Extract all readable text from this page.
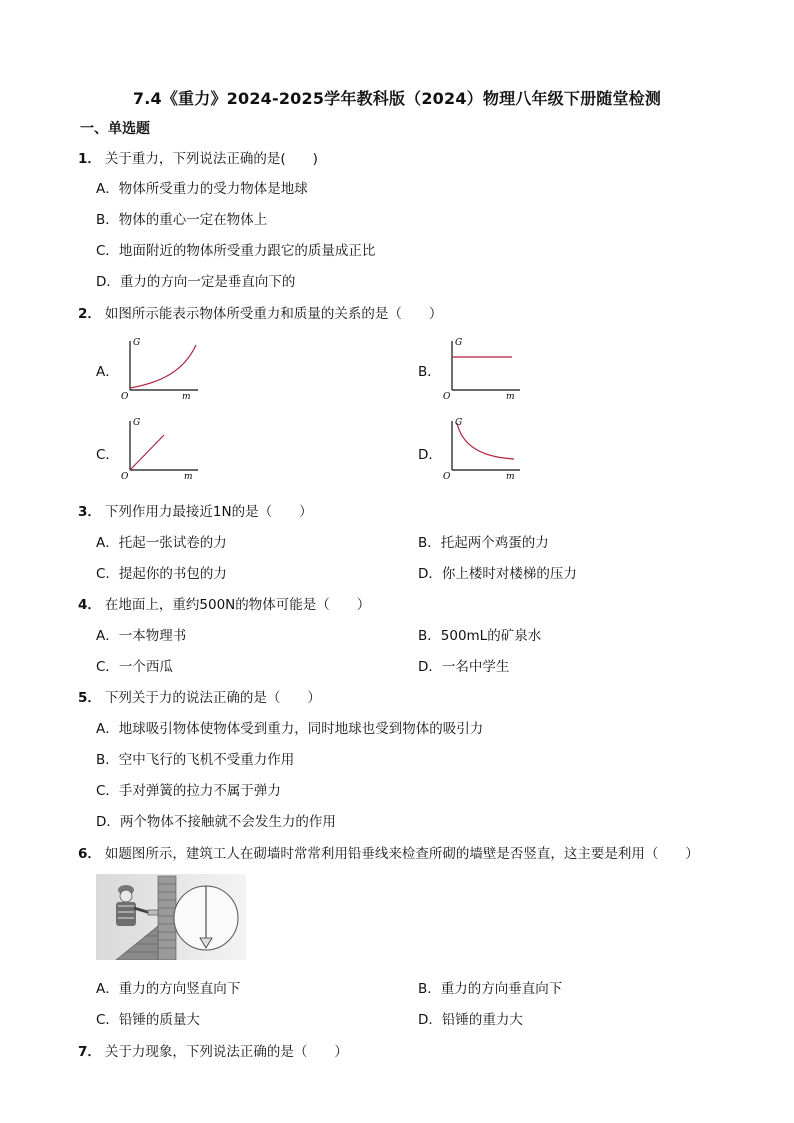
7.4《重力》2024-2025学年教科版（2024）物理八年级下册随堂检测
一、单选题
1． 关于重力，下列说法正确的是(　　)
A．物体所受重力的受力物体是地球
B．物体的重心一定在物体上
C．地面附近的物体所受重力跟它的质量成正比
D．重力的方向一定是垂直向下的
2． 如图所示能表示物体所受重力和质量的关系的是（　　）
A．
G
O	m
B．
G
O	m
C．
G
O	m
D．
G
O	m
3． 下列作用力最接近1N的是（　　）
A．托起一张试卷的力	B．托起两个鸡蛋的力
C．提起你的书包的力	D．你上楼时对楼梯的压力
4． 在地面上，重约500N的物体可能是（　　）
A．一本物理书	B．500mL的矿泉水
C．一个西瓜	D．一名中学生
5． 下列关于力的说法正确的是（　　）
A．地球吸引物体使物体受到重力，同时地球也受到物体的吸引力
B．空中飞行的飞机不受重力作用
C．手对弹簧的拉力不属于弹力
D．两个物体不接触就不会发生力的作用
6． 如题图所示，建筑工人在砌墙时常常利用铅垂线来检查所砌的墙壁是否竖直，这主要是利用（　　）
A．重力的方向竖直向下	B．重力的方向垂直向下
C．铅锤的质量大	D．铅锤的重力大
7． 关于力现象，下列说法正确的是（　　）
